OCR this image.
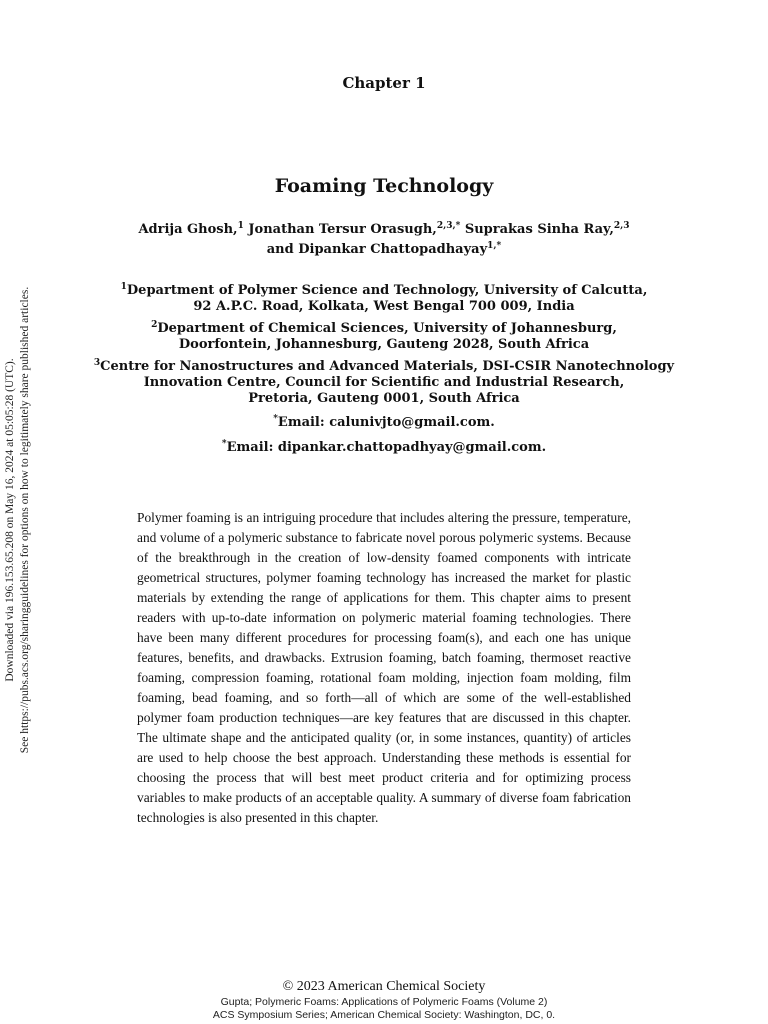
Downloaded via 196.153.65.208 on May 16, 2024 at 05:05:28 (UTC). See https://pubs.acs.org/sharingguidelines for options on how to legitimately share published articles.
Chapter 1
Foaming Technology
Adrija Ghosh,$^1$ Jonathan Tersur Orasugh,$^{2,3,*}$ Suprakas Sinha Ray,$^{2,3}$
and Dipankar Chattopadhayay$^{1,*}$
$^1$Department of Polymer Science and Technology, University of Calcutta,
92 A.P.C. Road, Kolkata, West Bengal 700 009, India
$^2$Department of Chemical Sciences, University of Johannesburg,
Doorfontein, Johannesburg, Gauteng 2028, South Africa
$^3$Centre for Nanostructures and Advanced Materials, DSI-CSIR Nanotechnology
Innovation Centre, Council for Scientific and Industrial Research,
Pretoria, Gauteng 0001, South Africa
*Email: calunivjto@gmail.com.
*Email: dipankar.chattopadhyay@gmail.com.
Polymer foaming is an intriguing procedure that includes altering the pressure, temperature, and volume of a polymeric substance to fabricate novel porous polymeric systems. Because of the breakthrough in the creation of low-density foamed components with intricate geometrical structures, polymer foaming technology has increased the market for plastic materials by extending the range of applications for them. This chapter aims to present readers with up-to-date information on polymeric material foaming technologies. There have been many different procedures for processing foam(s), and each one has unique features, benefits, and drawbacks. Extrusion foaming, batch foaming, thermoset reactive foaming, compression foaming, rotational foam molding, injection foam molding, film foaming, bead foaming, and so forth—all of which are some of the well-established polymer foam production techniques—are key features that are discussed in this chapter. The ultimate shape and the anticipated quality (or, in some instances, quantity) of articles are used to help choose the best approach. Understanding these methods is essential for choosing the process that will best meet product criteria and for optimizing process variables to make products of an acceptable quality. A summary of diverse foam fabrication technologies is also presented in this chapter.
© 2023 American Chemical Society
Gupta; Polymeric Foams: Applications of Polymeric Foams (Volume 2)
ACS Symposium Series; American Chemical Society: Washington, DC, 0.
